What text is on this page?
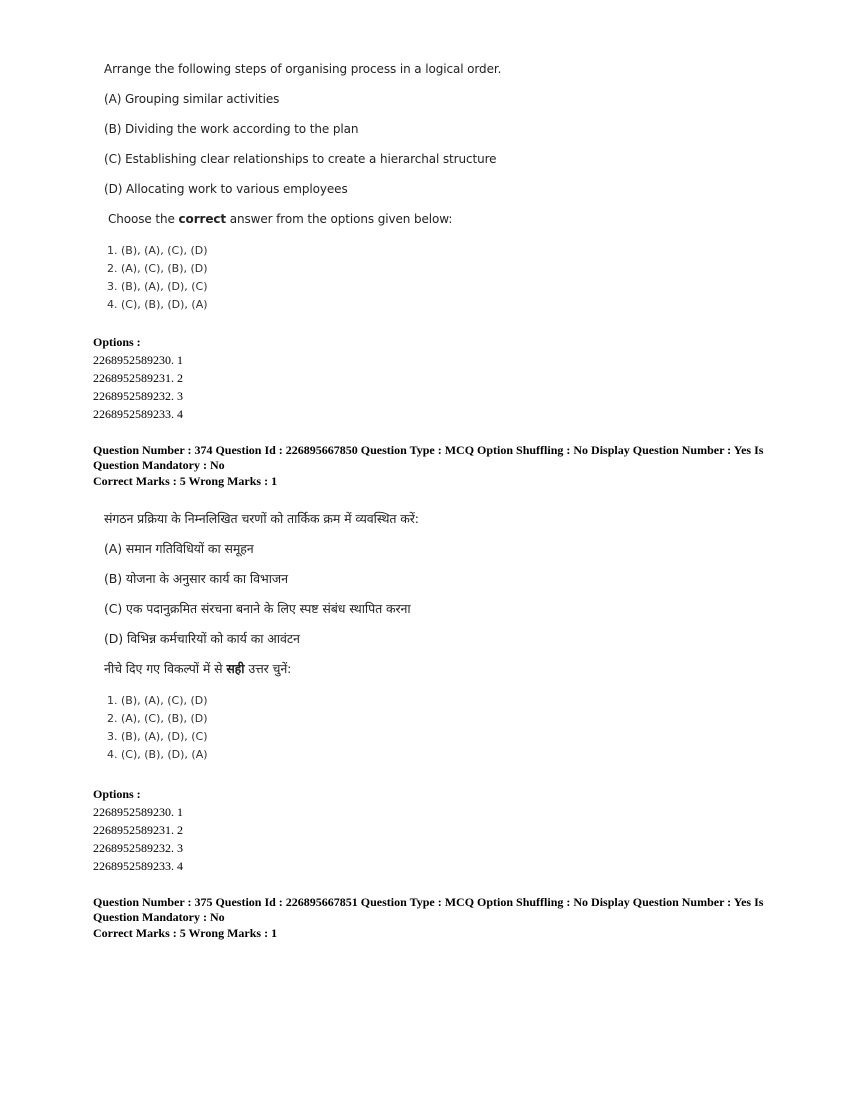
Arrange the following steps of organising process in a logical order.
(A) Grouping similar activities
(B) Dividing the work according to the plan
(C) Establishing clear relationships to create a hierarchal structure
(D) Allocating work to various employees
Choose the correct answer from the options given below:
1. (B), (A), (C), (D)
2. (A), (C), (B), (D)
3. (B), (A), (D), (C)
4. (C), (B), (D), (A)
Options :
2268952589230. 1
2268952589231. 2
2268952589232. 3
2268952589233. 4
Question Number : 374 Question Id : 226895667850 Question Type : MCQ Option Shuffling : No Display Question Number : Yes Is Question Mandatory : No
Correct Marks : 5 Wrong Marks : 1
संगठन प्रक्रिया के निम्नलिखित चरणों को तार्किक क्रम में व्यवस्थित करें:
(A) समान गतिविधियों का समूहन
(B) योजना के अनुसार कार्य का विभाजन
(C) एक पदानुक्रमित संरचना बनाने के लिए स्पष्ट संबंध स्थापित करना
(D) विभिन्न कर्मचारियों को कार्य का आवंटन
नीचे दिए गए विकल्पों में से सही उत्तर चुनें:
1. (B), (A), (C), (D)
2. (A), (C), (B), (D)
3. (B), (A), (D), (C)
4. (C), (B), (D), (A)
Options :
2268952589230. 1
2268952589231. 2
2268952589232. 3
2268952589233. 4
Question Number : 375 Question Id : 226895667851 Question Type : MCQ Option Shuffling : No Display Question Number : Yes Is Question Mandatory : No
Correct Marks : 5 Wrong Marks : 1
